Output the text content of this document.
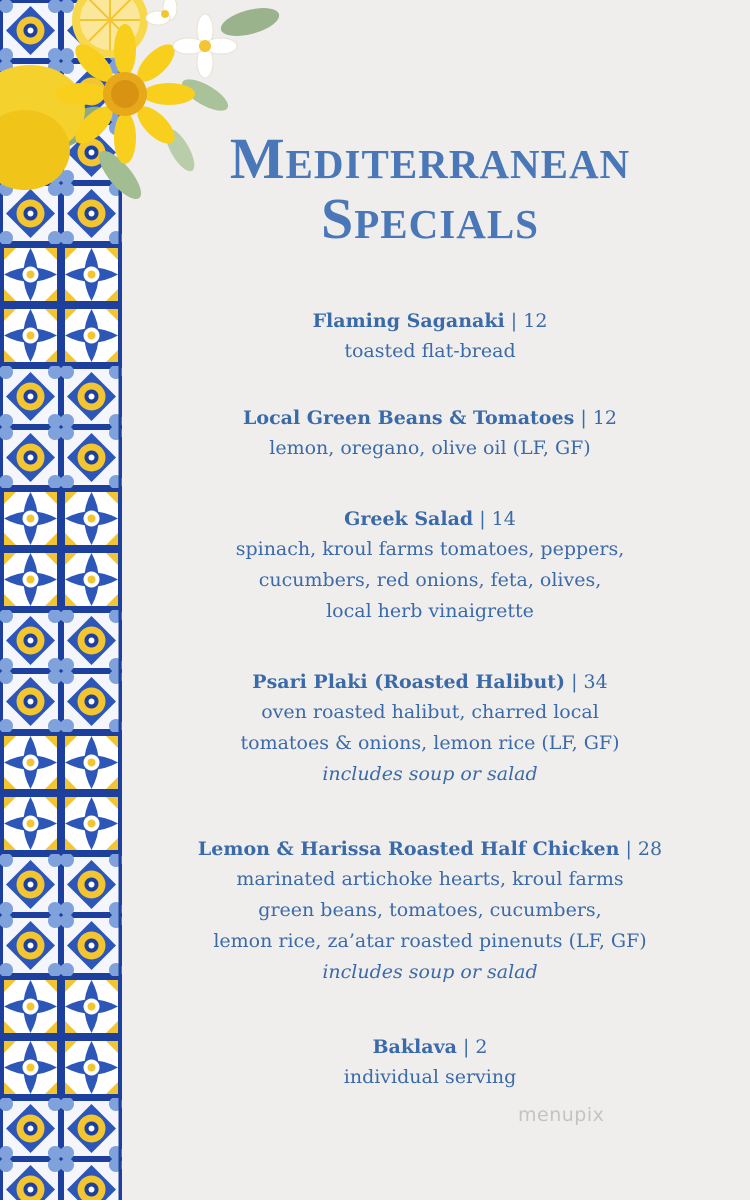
Mediterranean
Specials
Flaming Saganaki | 12
toasted flat-bread
Local Green Beans & Tomatoes | 12
lemon, oregano, olive oil (LF, GF)
Greek Salad | 14
spinach, kroul farms tomatoes, peppers,
cucumbers, red onions, feta, olives,
local herb vinaigrette
Psari Plaki (Roasted Halibut) | 34
oven roasted halibut, charred local
tomatoes & onions, lemon rice (LF, GF)
includes soup or salad
Lemon & Harissa Roasted Half Chicken | 28
marinated artichoke hearts, kroul farms
green beans, tomatoes, cucumbers,
lemon rice, za’atar roasted pinenuts (LF, GF)
includes soup or salad
Baklava | 2
individual serving
menupix
